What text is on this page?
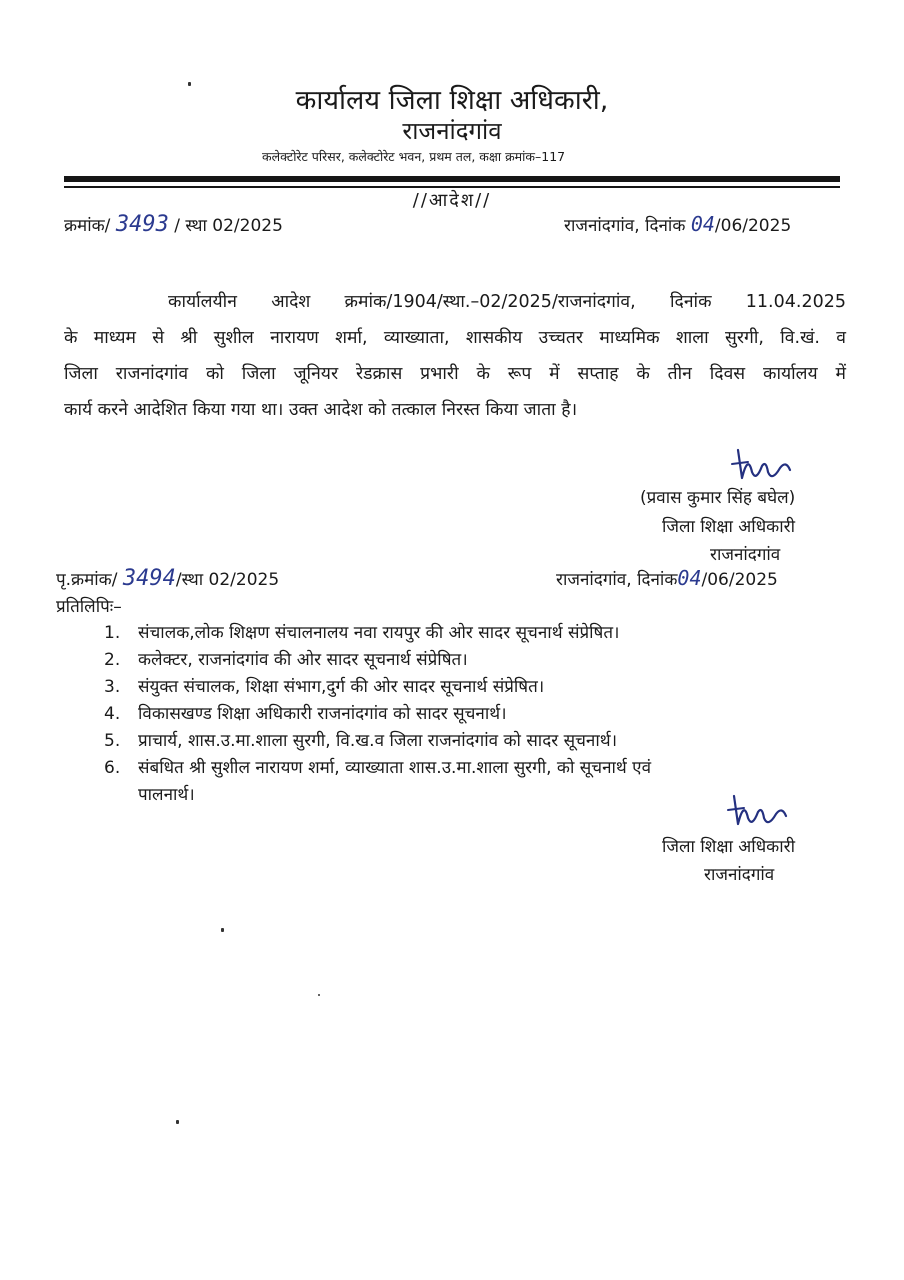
कार्यालय जिला शिक्षा अधिकारी,
राजनांदगांव
कलेक्टोरेट परिसर, कलेक्टोरेट भवन, प्रथम तल, कक्षा क्रमांक–117
//आदेश//
क्रमांक/ 3493 / स्था 02/2025	राजनांदगांव, दिनांक 04/06/2025
कार्यालयीन आदेश क्रमांक/1904/स्था.–02/2025/राजनांदगांव, दिनांक 11.04.2025
के माध्यम से श्री सुशील नारायण शर्मा, व्याख्याता, शासकीय उच्चतर माध्यमिक शाला सुरगी, वि.खं. व
जिला राजनांदगांव को जिला जूनियर रेडक्रास प्रभारी के रूप में सप्ताह के तीन दिवस कार्यालय में
कार्य करने आदेशित किया गया था। उक्त आदेश को तत्काल निरस्त किया जाता है।
(प्रवास कुमार सिंह बघेल)
जिला शिक्षा अधिकारी
राजनांदगांव
पृ.क्रमांक/ 3494/स्था 02/2025	राजनांदगांव, दिनांक04/06/2025
प्रतिलिपिः–
1. संचालक,लोक शिक्षण संचालनालय नवा रायपुर की ओर सादर सूचनार्थ संप्रेषित।
2. कलेक्टर, राजनांदगांव की ओर सादर सूचनार्थ संप्रेषित।
3. संयुक्त संचालक, शिक्षा संभाग,दुर्ग की ओर सादर सूचनार्थ संप्रेषित।
4. विकासखण्ड शिक्षा अधिकारी राजनांदगांव को सादर सूचनार्थ।
5. प्राचार्य, शास.उ.मा.शाला सुरगी, वि.ख.व जिला राजनांदगांव को सादर सूचनार्थ।
6. संबधित श्री सुशील नारायण शर्मा, व्याख्याता शास.उ.मा.शाला सुरगी, को सूचनार्थ एवं
पालनार्थ।
जिला शिक्षा अधिकारी
राजनांदगांव
